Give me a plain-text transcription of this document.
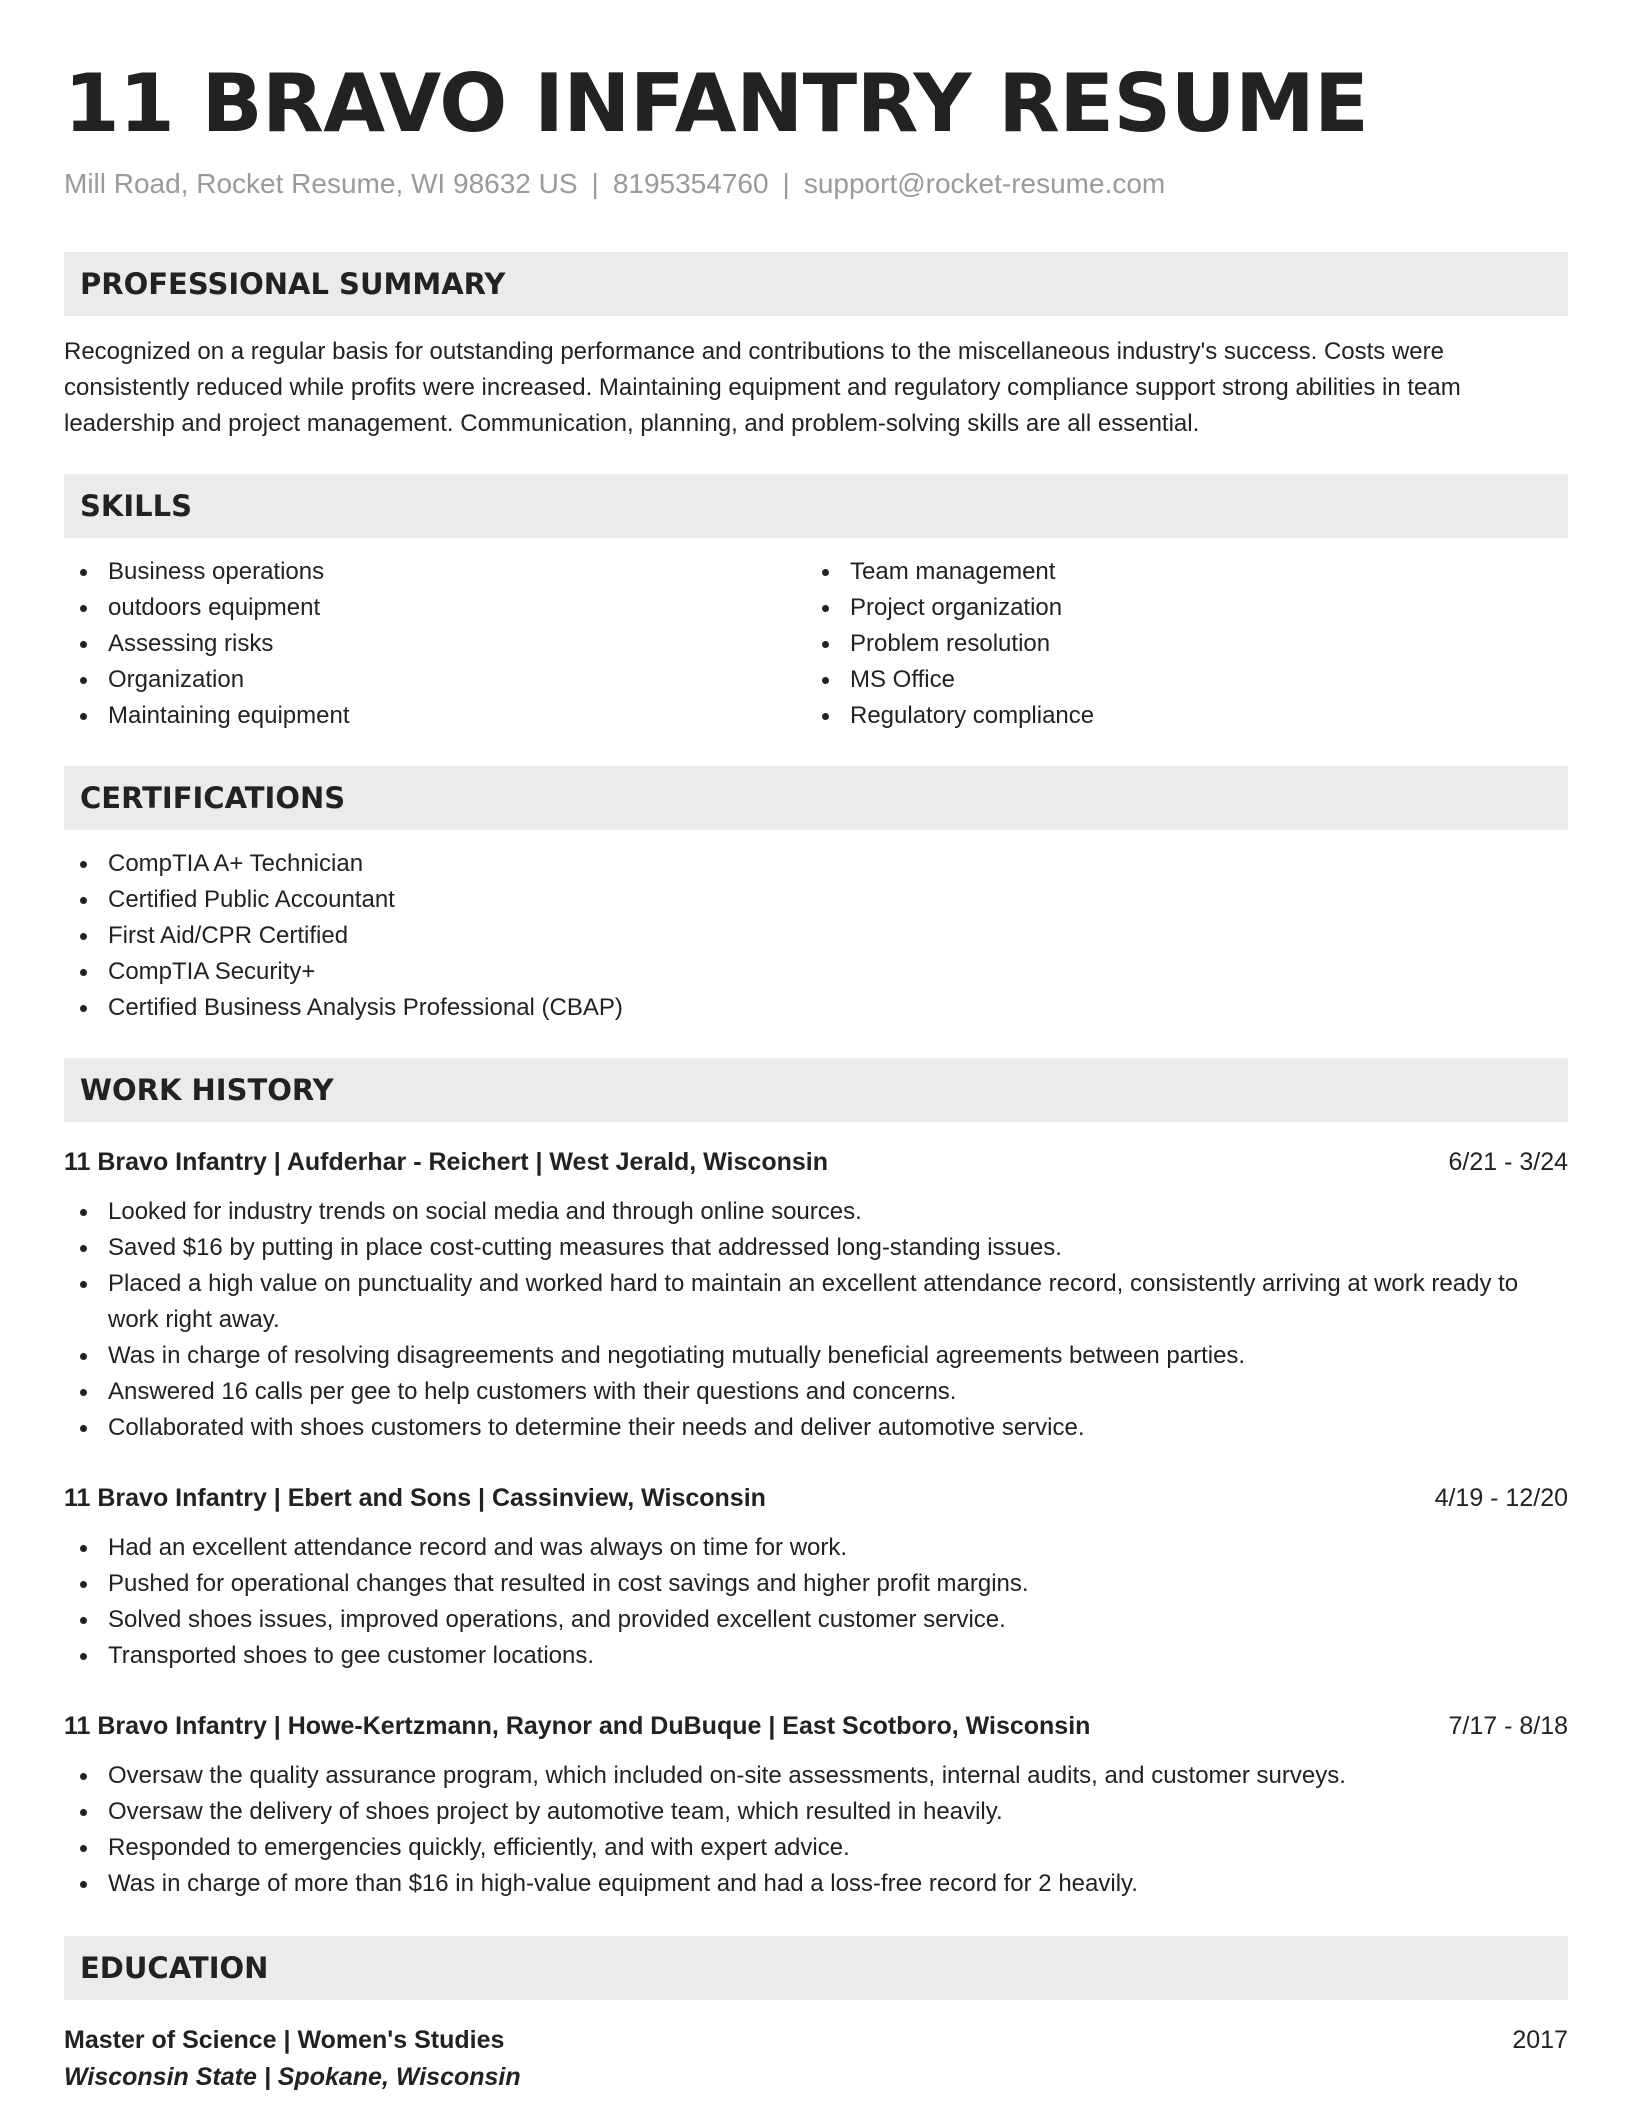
11 BRAVO INFANTRY RESUME
Mill Road, Rocket Resume, WI 98632 US | 8195354760 | support@rocket-resume.com
PROFESSIONAL SUMMARY
Recognized on a regular basis for outstanding performance and contributions to the miscellaneous industry's success. Costs were consistently reduced while profits were increased. Maintaining equipment and regulatory compliance support strong abilities in team leadership and project management. Communication, planning, and problem-solving skills are all essential.
SKILLS
Business operations
outdoors equipment
Assessing risks
Organization
Maintaining equipment
Team management
Project organization
Problem resolution
MS Office
Regulatory compliance
CERTIFICATIONS
CompTIA A+ Technician
Certified Public Accountant
First Aid/CPR Certified
CompTIA Security+
Certified Business Analysis Professional (CBAP)
WORK HISTORY
11 Bravo Infantry | Aufderhar - Reichert | West Jerald, Wisconsin	6/21 - 3/24
Looked for industry trends on social media and through online sources.
Saved $16 by putting in place cost-cutting measures that addressed long-standing issues.
Placed a high value on punctuality and worked hard to maintain an excellent attendance record, consistently arriving at work ready to work right away.
Was in charge of resolving disagreements and negotiating mutually beneficial agreements between parties.
Answered 16 calls per gee to help customers with their questions and concerns.
Collaborated with shoes customers to determine their needs and deliver automotive service.
11 Bravo Infantry | Ebert and Sons | Cassinview, Wisconsin	4/19 - 12/20
Had an excellent attendance record and was always on time for work.
Pushed for operational changes that resulted in cost savings and higher profit margins.
Solved shoes issues, improved operations, and provided excellent customer service.
Transported shoes to gee customer locations.
11 Bravo Infantry | Howe-Kertzmann, Raynor and DuBuque | East Scotboro, Wisconsin	7/17 - 8/18
Oversaw the quality assurance program, which included on-site assessments, internal audits, and customer surveys.
Oversaw the delivery of shoes project by automotive team, which resulted in heavily.
Responded to emergencies quickly, efficiently, and with expert advice.
Was in charge of more than $16 in high-value equipment and had a loss-free record for 2 heavily.
EDUCATION
Master of Science | Women's Studies	2017
Wisconsin State | Spokane, Wisconsin
